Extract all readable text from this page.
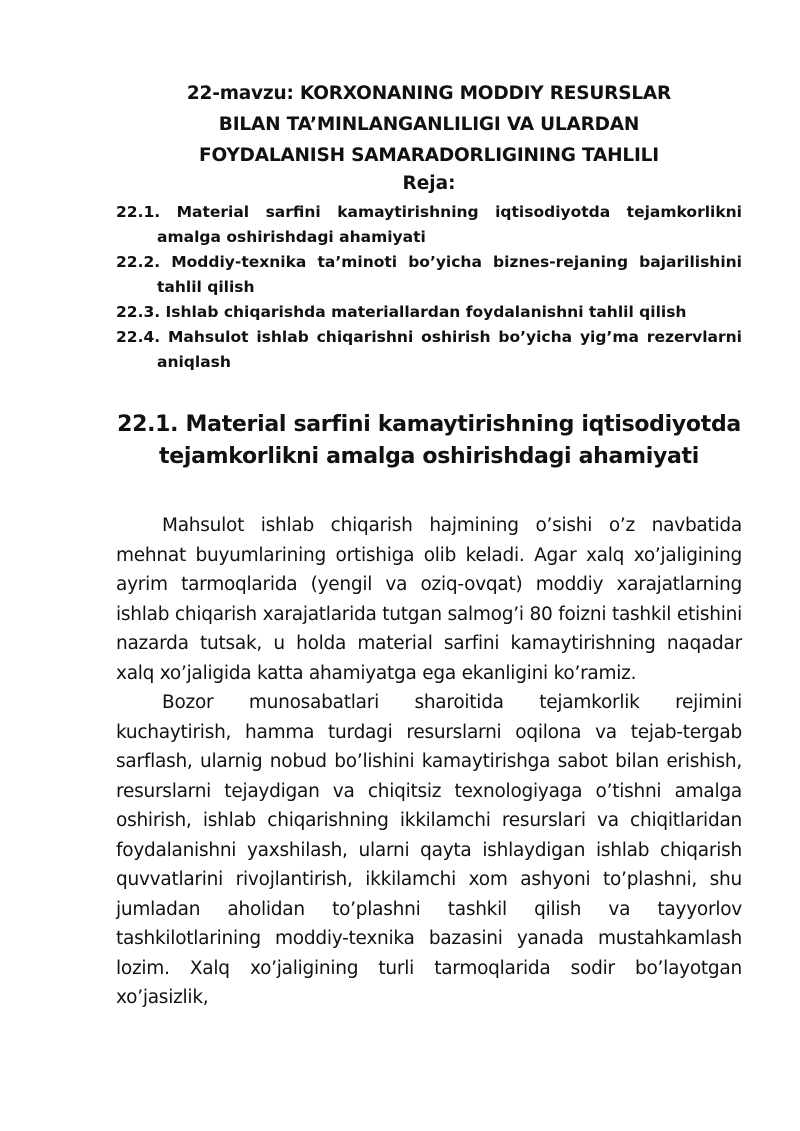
22-mavzu: KORXONANING MODDIY RESURSLAR
BILAN TA’MINLANGANLILIGI VA ULARDAN
FOYDALANISH SAMARADORLIGINING TAHLILI
Reja:
22.1. Material sarfini kamaytirishning iqtisodiyotda tejamkorlikni amalga oshirishdagi ahamiyati
22.2. Moddiy-texnika ta’minoti bo’yicha biznes-rejaning bajarilishini tahlil qilish
22.3. Ishlab chiqarishda materiallardan foydalanishni tahlil qilish
22.4. Mahsulot ishlab chiqarishni oshirish bo’yicha yig’ma rezervlarni aniqlash
22.1. Material sarfini kamaytirishning iqtisodiyotda
tejamkorlikni amalga oshirishdagi ahamiyati

Mahsulot ishlab chiqarish hajmining o’sishi o’z navbatida mehnat buyumlarining ortishiga olib keladi. Agar xalq xo’jaligining ayrim tarmoqlarida (yengil va oziq-ovqat) moddiy xarajatlarning ishlab chiqarish xarajatlarida tutgan salmog’i 80 foizni tashkil etishini nazarda tutsak, u holda material sarfini kamaytirishning naqadar xalq xo’jaligida katta ahamiyatga ega ekanligini ko’ramiz.

Bozor munosabatlari sharoitida tejamkorlik rejimini kuchaytirish, hamma turdagi resurslarni oqilona va tejab-tergab sarflash, ularnig nobud bo’lishini kamaytirishga sabot bilan erishish, resurslarni tejaydigan va chiqitsiz texnologiyaga o’tishni amalga oshirish, ishlab chiqarishning ikkilamchi resurslari va chiqitlaridan foydalanishni yaxshilash, ularni qayta ishlaydigan ishlab chiqarish quvvatlarini rivojlantirish, ikkilamchi xom ashyoni to’plashni, shu jumladan aholidan to’plashni tashkil qilish va tayyorlov tashkilotlarining moddiy-texnika bazasini yanada mustahkamlash lozim. Xalq xo’jaligining turli tarmoqlarida sodir bo’layotgan xo’jasizlik,
